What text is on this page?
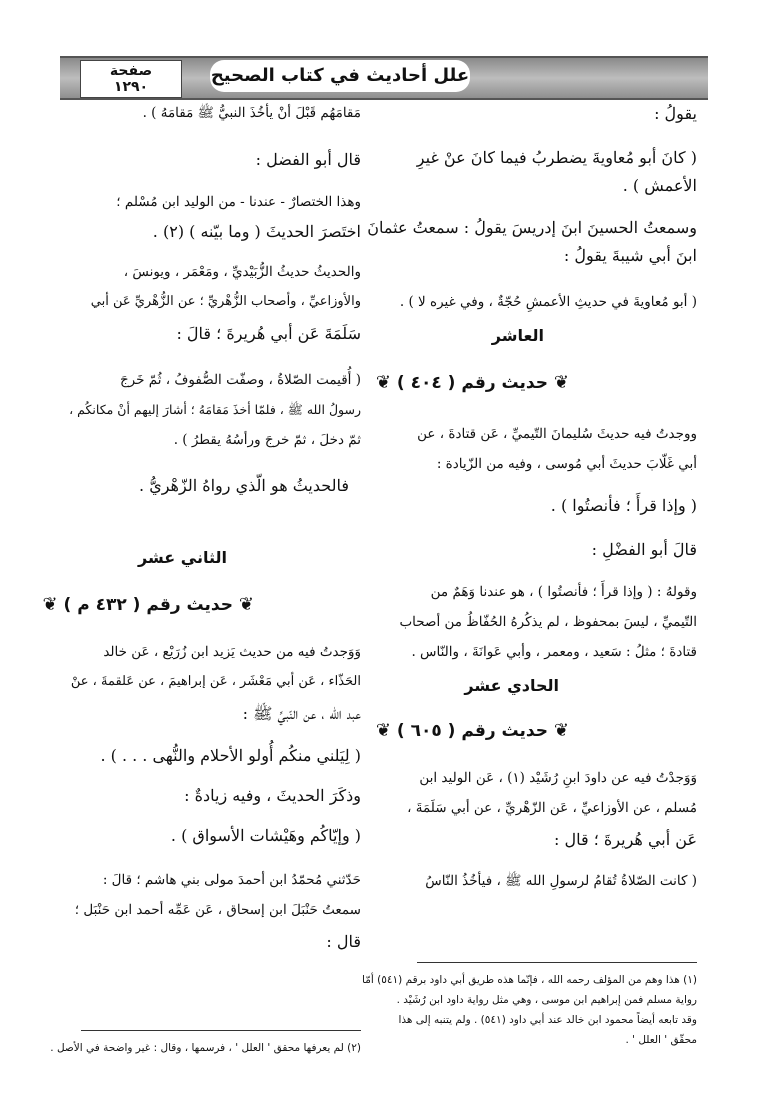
علل أحاديث في كتاب الصحيح
صفحة
١٢٩٠
يقولُ :
( كانَ أبو مُعاويةَ يضطربُ فيما كانَ عنْ غيرِ
الأعمش ) .
وسمعتُ الحسينَ ابنَ إدريسَ يقولُ : سمعتُ عثمانَ
ابنَ أبي شيبةَ يقولُ :
( أبو مُعاويةَ في حديثِ الأعمشِ حُجّةٌ ، وفي غيره لا ) .
العاشر
❦ حديث رقم ( ٤٠٤ ) ❦
ووجدتُ فيه حديثَ سُليمانَ التّيميِّ ، عَن قتادةَ ، عن
أبي غَلّابَ حديثَ أبي مُوسى ، وفيه من الزّيادة :
( وإذا قرأَ ؛ فأنصتُوا ) .
قالَ أبو الفضْلِ :
وقولهُ : ( وإذا قرأَ ؛ فأنصتُوا ) ، هو عندنا وَهَمٌ من
التّيميِّ ، ليسَ بمحفوظ ، لم يذكُرهُ الحُفّاظُ من أصحاب
قتادةَ ؛ مثلُ : سَعيد ، ومعمر ، وأبي عَوانَةَ ، والنّاس .
الحادي عشر
❦ حديث رقم ( ٦٠٥ ) ❦
وَوَجدْتُ فيه عن داودَ ابنِ رُشَيْد (١) ، عَن الوليد ابن
مُسلم ، عن الأوزاعيِّ ، عَن الزّهْريِّ ، عن أبي سَلَمَةَ ،
عَن أبي هُريرةَ ؛ قال :
( كانت الصّلاةُ تُقامُ لرسولِ الله ﷺ ، فيأخُذُ النّاسُ
مَقامَهُم قَبْلَ أنْ يأخُذَ النبيُّ ﷺ مَقامَهُ ) .
قال أبو الفضل :
وهذا الختصارٌ - عندنا - من الوليد ابن مُسْلم ؛
اختَصرَ الحديثَ ( وما بيّنه ) (٢) .
والحديثُ حديثُ الزُّبَيْديِّ ، ومَعْمَر ، ويونسَ ،
والأوزاعيِّ ، وأصحاب الزُّهْريِّ ؛ عن الزُّهْريِّ عَن أبي
سَلَمَةَ عَن أبي هُريرةَ ؛ قالَ :
( أُقيمت الصّلاةُ ، وصفّت الصُّفوفُ ، ثُمّ خَرجَ
رسولُ الله ﷺ ، فلمّا أخذَ مَقامَهُ ؛ أشارَ إليهم أنْ مكانكُم ،
ثمّ دخلَ ، ثمّ خرجَ ورأسُهُ يقطرُ ) .
فالحديثُ هو الّذي رواهُ الزّهْريُّ .
الثاني عشر
❦ حديث رقم ( ٤٣٢ م ) ❦
وَوَجدتُ فيه من حديث يَزيد ابن زُرَيْع ، عَن خالد
الحَذّاء ، عَن أبي مَعْشَر ، عَن إبراهيمَ ، عن عَلقمةَ ، عنْ
عبد الله ، عن النّبيِّ ﷺ :
( لِيَلني منكُم أُولو الأحلام والنُّهى . . . ) .
وذكَرَ الحديثَ ، وفيه زيادةٌ :
( وإيّاكُم وهَيْشات الأسواق ) .
حَدّثني مُحمّدُ ابن أحمدَ مولى بني هاشم ؛ قالَ :
سمعتُ حَنْبَلَ ابن إسحاق ، عَن عَمِّه أحمد ابن حَنْبَل ؛
قال :
(١) هذا وهم من المؤلف رحمه الله ، فإنّما هذه طريق أبي داود برقم (٥٤١) أمّا
رواية مسلم فمن إبراهيم ابن موسى ، وهي مثل رواية داود ابن رُشَيْد .
وقد تابعه أيضاً محمود ابن خالد عند أبي داود (٥٤١) . ولم يتنبه إلى هذا
محقّق ' العلل ' .
(٢) لم يعرفها محقق ' العلل ' ، فرسمها ، وقال : غير واضحة في الأصل .
